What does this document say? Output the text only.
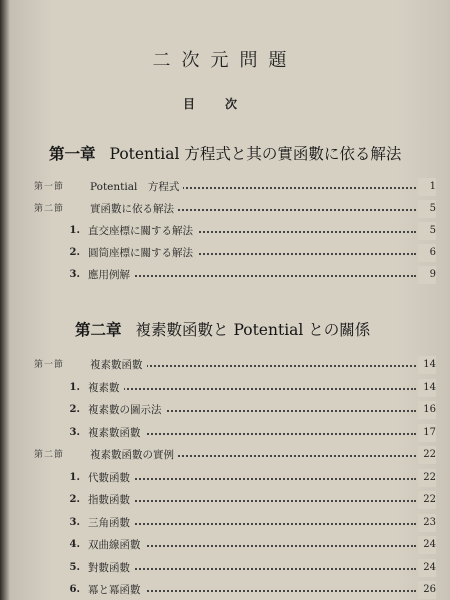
二次元問題
目次
第一章 Potential 方程式と其の實函數に依る解法
第一節 Potential　方程式	1
第二節 實函數に依る解法	5
1. 直交座標に關する解法	5
2. 圓筒座標に關する解法	6
3. 應用例解	9
第二章 複素數函數と Potential との關係
第一節 複素數函數	14
1. 複素數	14
2. 複素數の圖示法	16
3. 複素數函數	17
第二節 複素數函數の實例	22
1. 代數函數	22
2. 指數函數	22
3. 三角函數	23
4. 双曲線函數	24
5. 對數函數	24
6. 冪と冪函數	26
